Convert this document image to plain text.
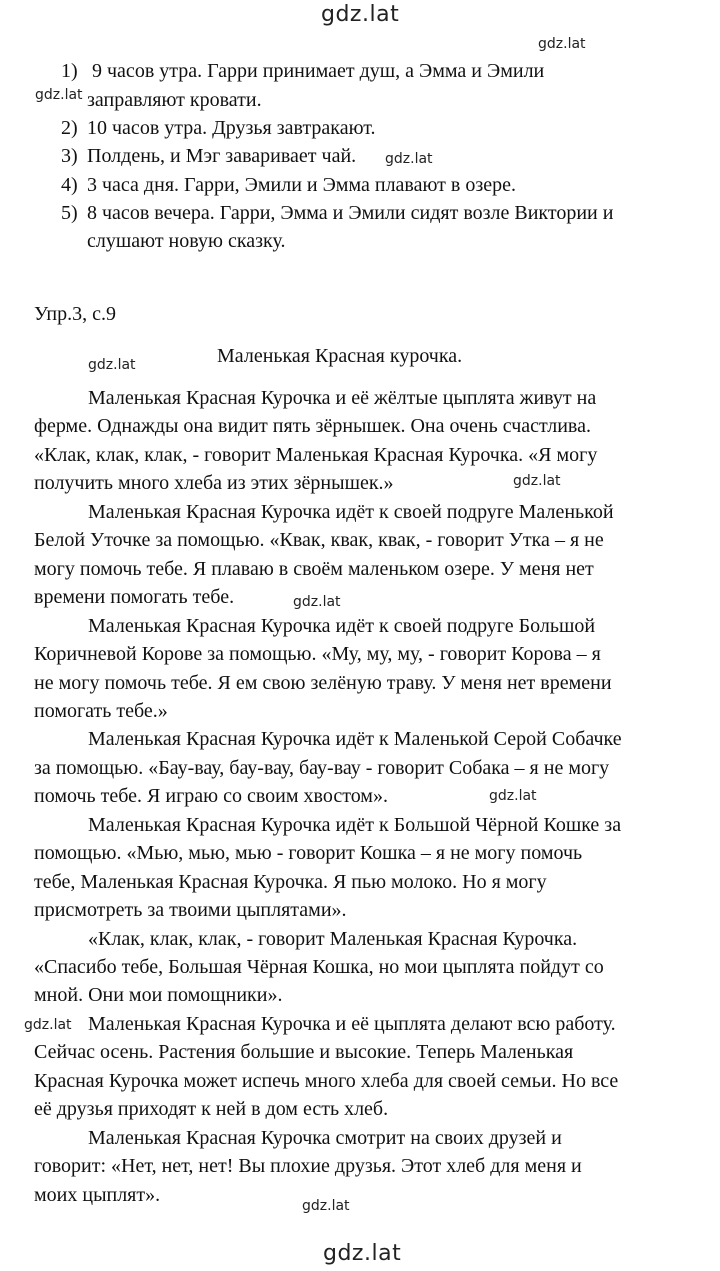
gdz.lat
gdz.lat
gdz.lat
gdz.lat
gdz.lat
gdz.lat
gdz.lat
gdz.lat
gdz.lat
gdz.lat
gdz.lat
1) 9 часов утра. Гарри принимает душ, а Эмма и Эмили
заправляют кровати.
2) 10 часов утра. Друзья завтракают.
3) Полдень, и Мэг заваривает чай.
4) 3 часа дня. Гарри, Эмили и Эмма плавают в озере.
5) 8 часов вечера. Гарри, Эмма и Эмили сидят возле Виктории и
слушают новую сказку.
Упр.3, с.9
Маленькая Красная курочка.
Маленькая Красная Курочка и её жёлтые цыплята живут на
ферме. Однажды она видит пять зёрнышек. Она очень счастлива.
«Клак, клак, клак, - говорит Маленькая Красная Курочка. «Я могу
получить много хлеба из этих зёрнышек.»
Маленькая Красная Курочка идёт к своей подруге Маленькой
Белой Уточке за помощью. «Квак, квак, квак, - говорит Утка – я не
могу помочь тебе. Я плаваю в своём маленьком озере. У меня нет
времени помогать тебе.
Маленькая Красная Курочка идёт к своей подруге Большой
Коричневой Корове за помощью. «Му, му, му, - говорит Корова – я
не могу помочь тебе. Я ем свою зелёную траву. У меня нет времени
помогать тебе.»
Маленькая Красная Курочка идёт к Маленькой Серой Собачке
за помощью. «Бау-вау, бау-вау, бау-вау - говорит Собака – я не могу
помочь тебе. Я играю со своим хвостом».
Маленькая Красная Курочка идёт к Большой Чёрной Кошке за
помощью. «Мью, мью, мью - говорит Кошка – я не могу помочь
тебе, Маленькая Красная Курочка. Я пью молоко. Но я могу
присмотреть за твоими цыплятами».
«Клак, клак, клак, - говорит Маленькая Красная Курочка.
«Спасибо тебе, Большая Чёрная Кошка, но мои цыплята пойдут со
мной. Они мои помощники».
Маленькая Красная Курочка и её цыплята делают всю работу.
Сейчас осень. Растения большие и высокие. Теперь Маленькая
Красная Курочка может испечь много хлеба для своей семьи. Но все
её друзья приходят к ней в дом есть хлеб.
Маленькая Красная Курочка смотрит на своих друзей и
говорит: «Нет, нет, нет! Вы плохие друзья. Этот хлеб для меня и
моих цыплят».
